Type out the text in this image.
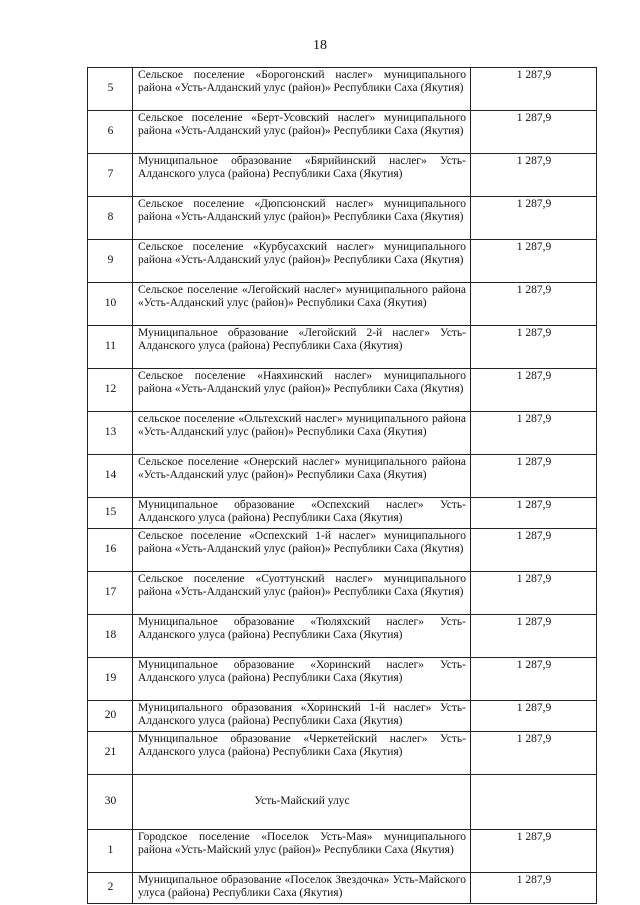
18
5	Сельское поселение «Борогонский наслег» муниципального района «Усть-Алданский улус (район)» Республики Саха (Якутия)	1 287,9
6	Сельское поселение «Берт-Усовский наслег» муниципального района «Усть-Алданский улус (район)» Республики Саха (Якутия)	1 287,9
7	Муниципальное образование «Бярийинский наслег» Усть-Алданского улуса (района) Республики Саха (Якутия)	1 287,9
8	Сельское поселение «Дюпсюнский наслег» муниципального района «Усть-Алданский улус (район)» Республики Саха (Якутия)	1 287,9
9	Сельское поселение «Курбусахский наслег» муниципального района «Усть-Алданский улус (район)» Республики Саха (Якутия)	1 287,9
10	Сельское поселение «Легойский наслег» муниципального района «Усть-Алданский улус (район)» Республики Саха (Якутия)	1 287,9
11	Муниципальное образование «Легойский 2-й наслег» Усть-Алданского улуса (района) Республики Саха (Якутия)	1 287,9
12	Сельское поселение «Наяхинский наслег» муниципального района «Усть-Алданский улус (район)» Республики Саха (Якутия)	1 287,9
13	сельское поселение «Ольтехский наслег» муниципального района «Усть-Алданский улус (район)» Республики Саха (Якутия)	1 287,9
14	Сельское поселение «Онерский наслег» муниципального района «Усть-Алданский улус (район)» Республики Саха (Якутия)	1 287,9
15	Муниципальное образование «Оспехский наслег» Усть-Алданского улуса (района) Республики Саха (Якутия)	1 287,9
16	Сельское поселение «Оспехский 1-й наслег» муниципального района «Усть-Алданский улус (район)» Республики Саха (Якутия)	1 287,9
17	Сельское поселение «Суоттунский наслег» муниципального района «Усть-Алданский улус (район)» Республики Саха (Якутия)	1 287,9
18	Муниципальное образование «Тюляхский наслег» Усть-Алданского улуса (района) Республики Саха (Якутия)	1 287,9
19	Муниципальное образование «Хоринский наслег» Усть-Алданского улуса (района) Республики Саха (Якутия)	1 287,9
20	Муниципального образования «Хоринский 1-й наслег» Усть-Алданского улуса (района) Республики Саха (Якутия)	1 287,9
21	Муниципальное образование «Черкетейский наслег» Усть-Алданского улуса (района) Республики Саха (Якутия)	1 287,9
30	Усть-Майский улус	
1	Городское поселение «Поселок Усть-Мая» муниципального района «Усть-Майский улус (район)» Республики Саха (Якутия)	1 287,9
2	Муниципальное образование «Поселок Звездочка» Усть-Майского улуса (района) Республики Саха (Якутия)	1 287,9
